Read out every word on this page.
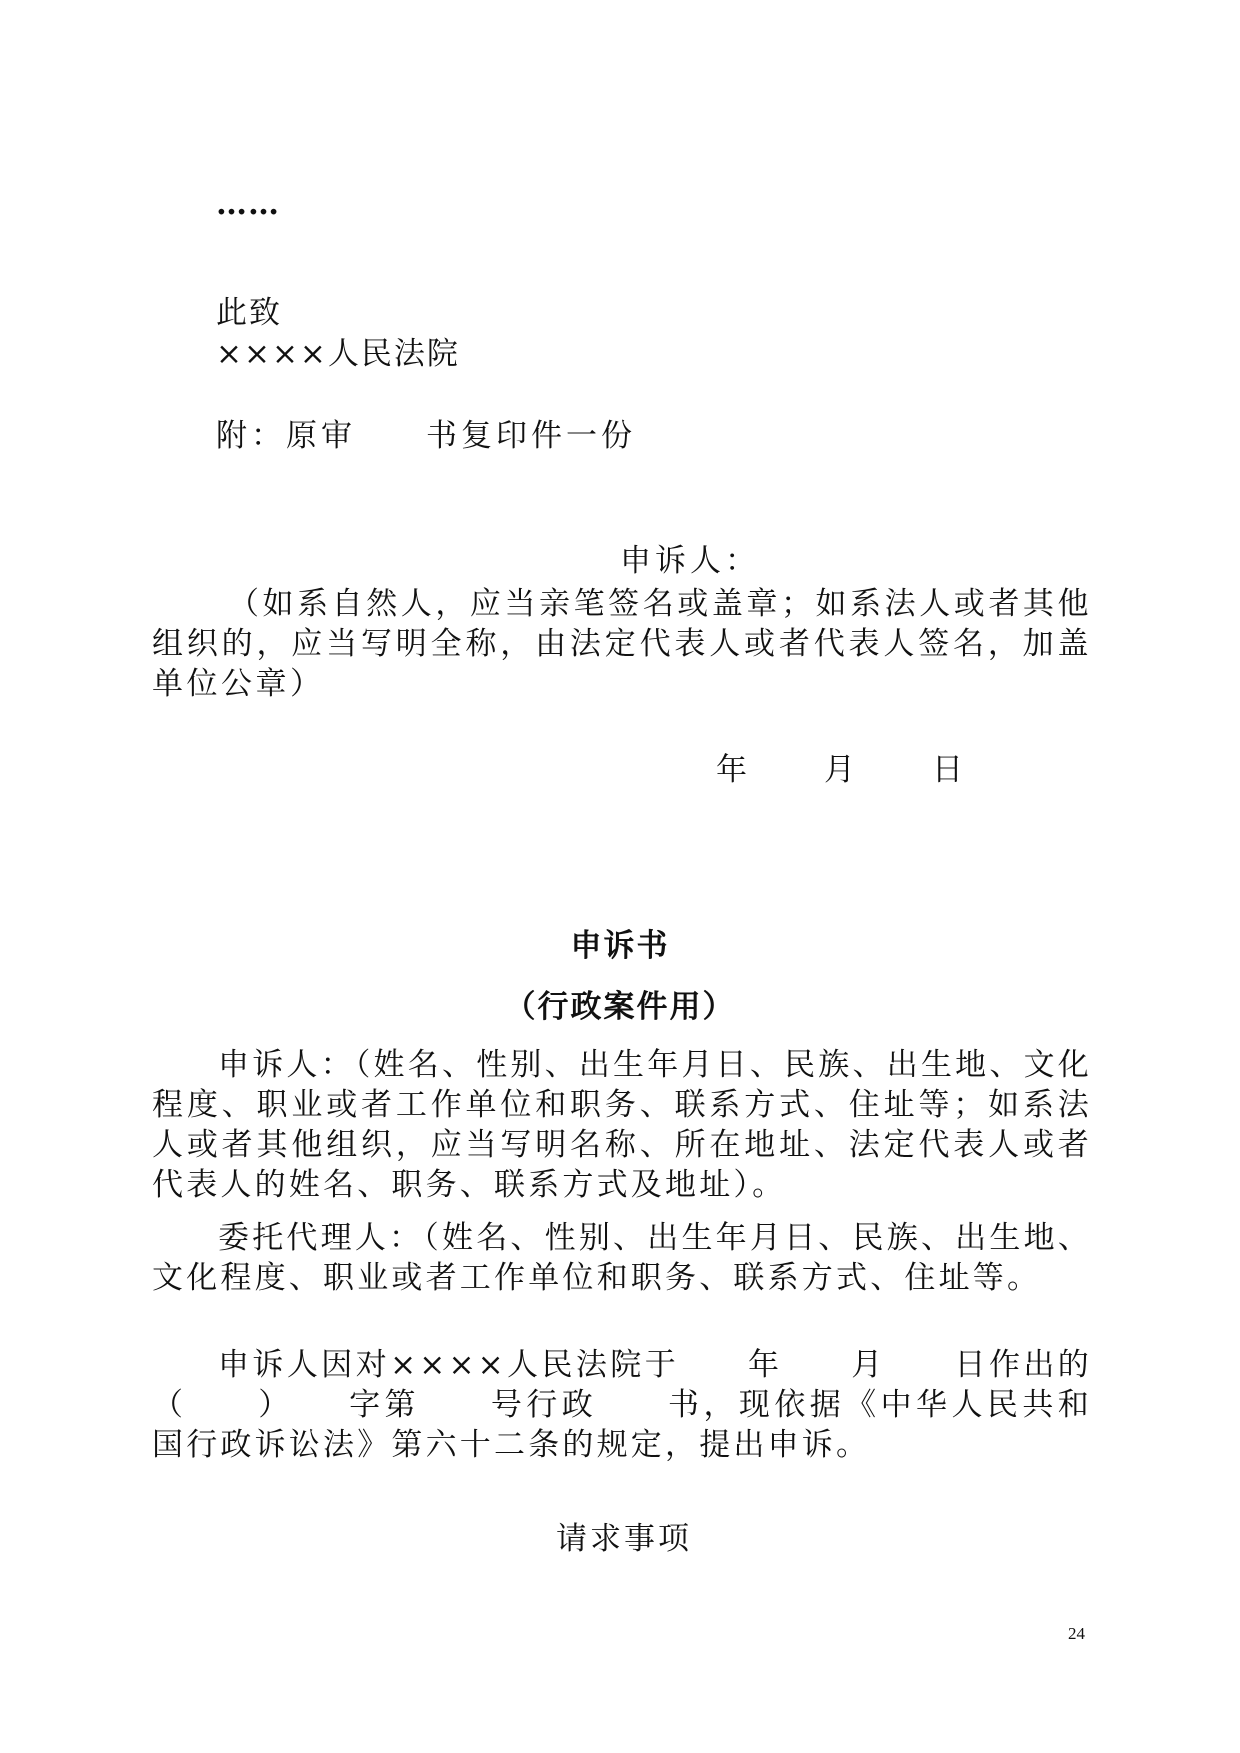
……
此致
××××人民法院
附：原审　　书复印件一份
申诉人：
（如系自然人，应当亲笔签名或盖章；如系法人或者其他组织的，应当写明全称，由法定代表人或者代表人签名，加盖单位公章）
年　　月　　日
申诉书
（行政案件用）
申诉人：（姓名、性别、出生年月日、民族、出生地、文化程度、职业或者工作单位和职务、联系方式、住址等；如系法人或者其他组织，应当写明名称、所在地址、法定代表人或者代表人的姓名、职务、联系方式及地址）。
委托代理人：（姓名、性别、出生年月日、民族、出生地、文化程度、职业或者工作单位和职务、联系方式、住址等。
申诉人因对××××人民法院于　　年　　月　　日作出的（　　）　　字第　　号行政　　书，现依据《中华人民共和国行政诉讼法》第六十二条的规定，提出申诉。
请求事项
24
